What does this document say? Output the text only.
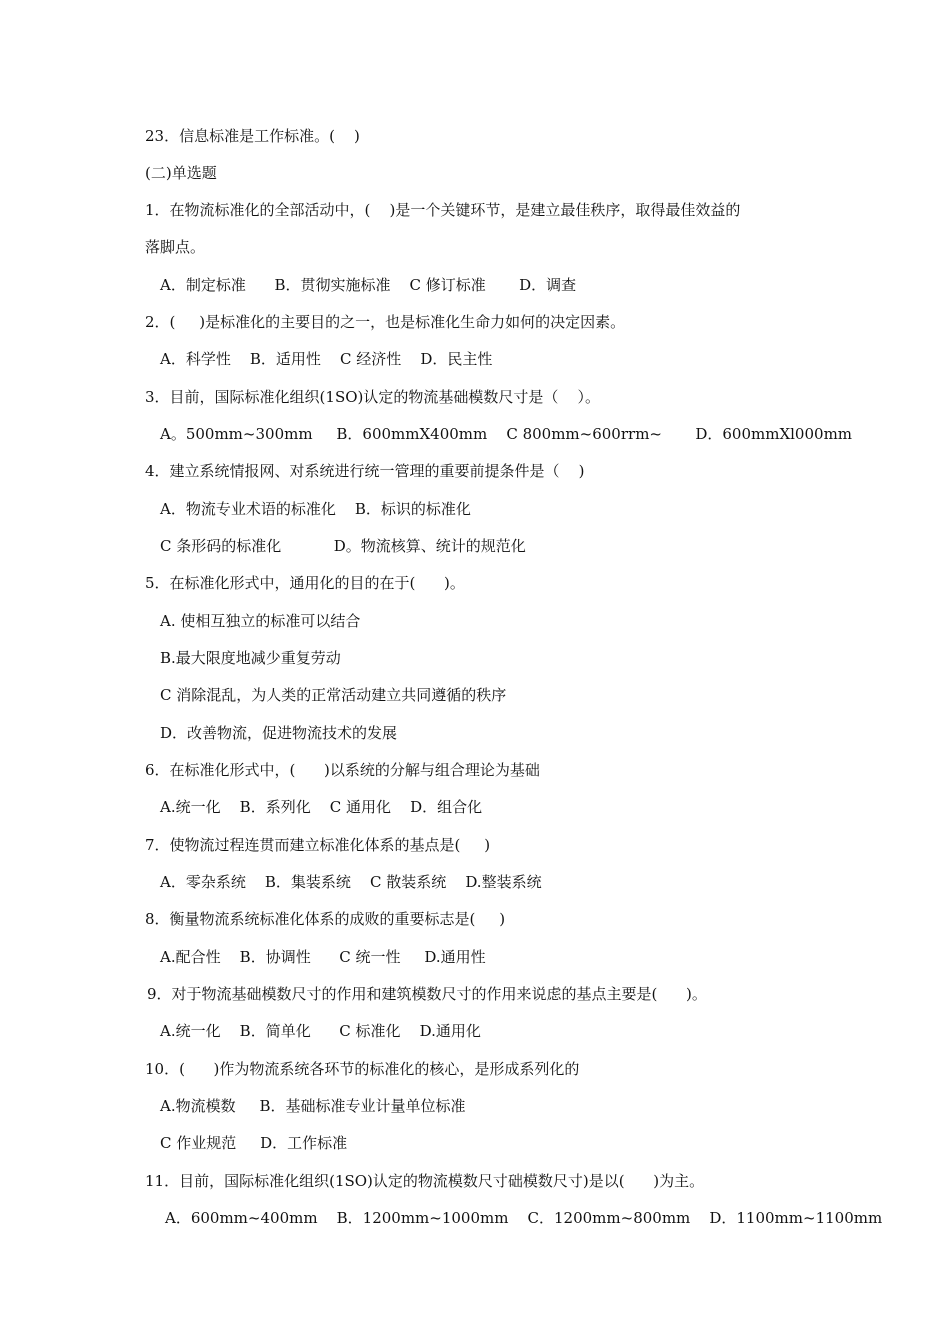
23．信息标准是工作标准。(    )
(二)单选题
1．在物流标准化的全部活动中，(    )是一个关键环节，是建立最佳秩序，取得最佳效益的
落脚点。
A．制定标准      B．贯彻实施标准    C 修订标准       D．调查
2．(     )是标准化的主要目的之一，也是标准化生命力如何的决定因素。
A．科学性    B．适用性    C 经济性    D．民主性
3．目前，国际标准化组织(1SO)认定的物流基础模数尺寸是（    ）。
A。500mm~300mm     B．600mmX400mm    C 800mm~600rrm~       D．600mmXl000mm
4．建立系统情报网、对系统进行统一管理的重要前提条件是（    )
A．物流专业术语的标准化    B．标识的标准化
C 条形码的标准化           D。物流核算、统计的规范化
5．在标准化形式中，通用化的目的在于(      )。
A. 使相互独立的标准可以结合
B.最大限度地减少重复劳动
C 消除混乱，为人类的正常活动建立共同遵循的秩序
D．改善物流，促进物流技术的发展
6．在标准化形式中，(      )以系统的分解与组合理论为基础
A.统一化    B．系列化    C 通用化    D．组合化
7．使物流过程连贯而建立标准化体系的基点是(     )
A．零杂系统    B．集装系统    C 散装系统    D.整装系统
8．衡量物流系统标准化体系的成败的重要标志是(     )
A.配合性    B．协调性      C 统一性     D.通用性
9．对于物流基础模数尺寸的作用和建筑模数尺寸的作用来说虑的基点主要是(      )。
A.统一化    B．简单化      C 标准化    D.通用化
10．(      )作为物流系统各环节的标准化的核心，是形成系列化的
A.物流模数     B．基础标准专业计量单位标准
C 作业规范     D．工作标准
11．目前，国际标准化组织(1SO)认定的物流模数尺寸础模数尺寸)是以(      )为主。
A．600mm~400mm    B．1200mm~1000mm    C．1200mm~800mm    D．1100mm~1100mm
